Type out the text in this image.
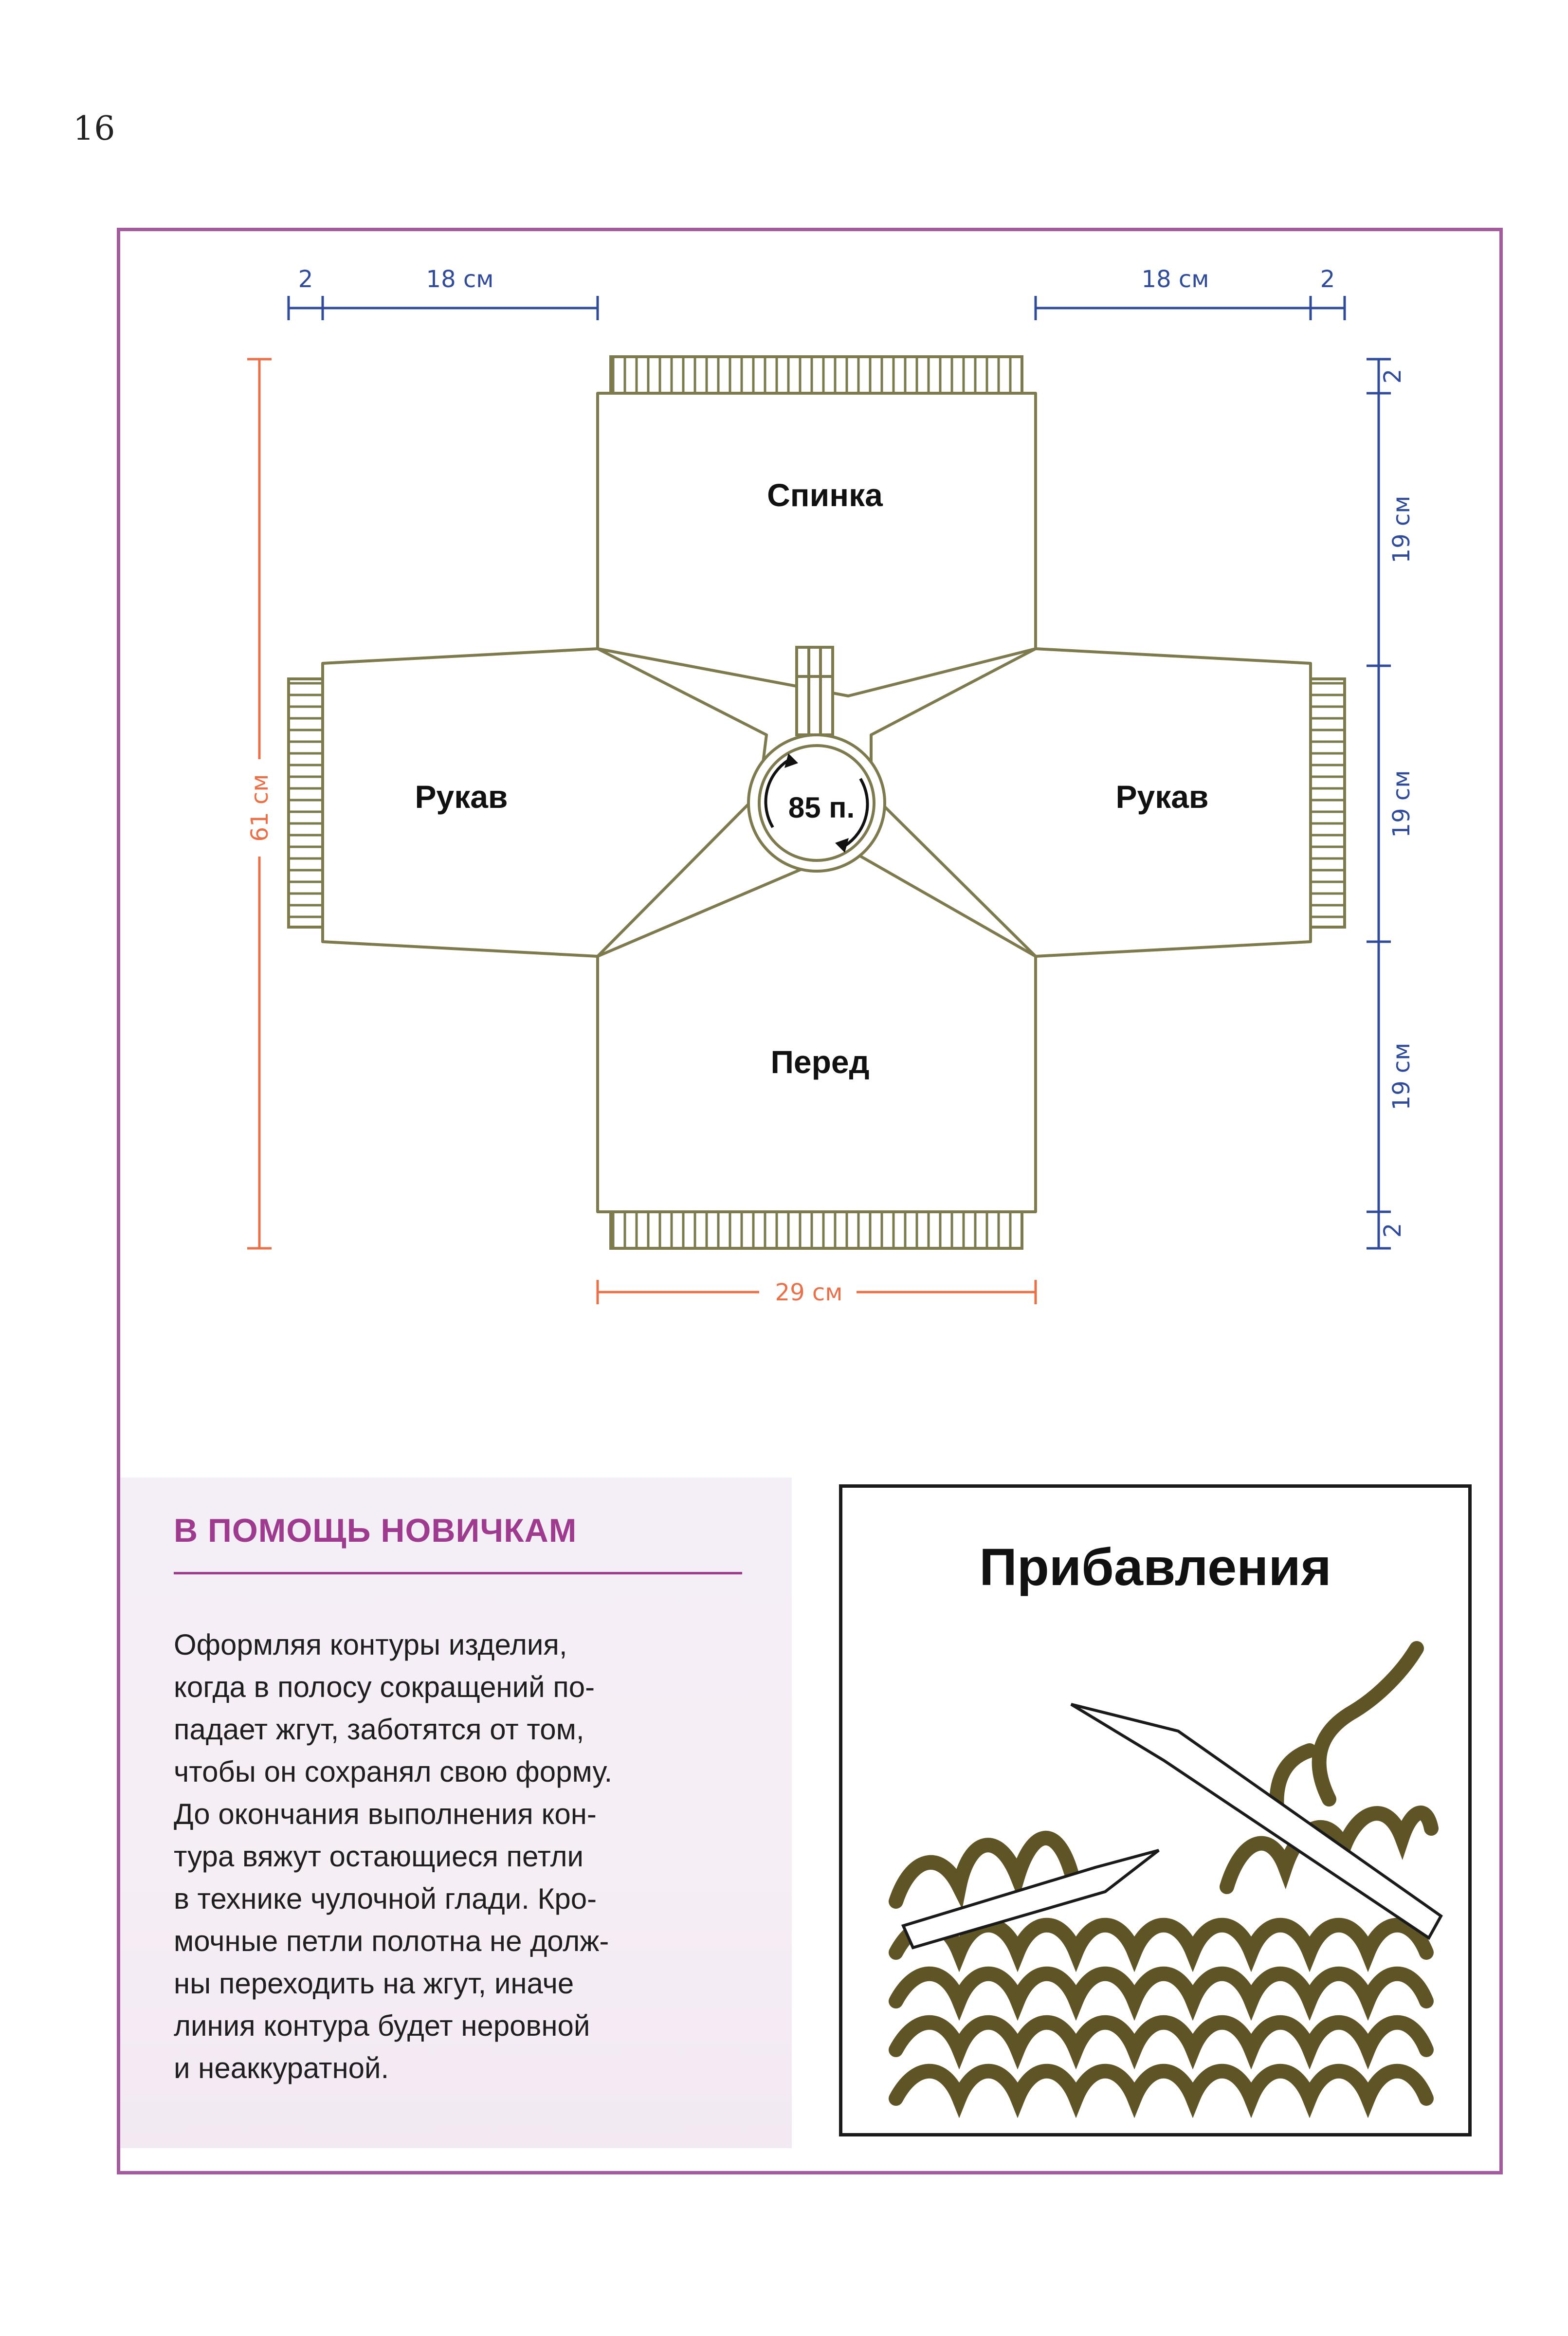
16
85 п.
Спинка
Перед
Рукав	Рукав
2	18 см	18 см	2
61 см
29 см
2
19 см
19 см
19 см
2
В ПОМОЩЬ НОВИЧКАМ
Оформляя контуры изделия,
когда в полосу сокращений по-
падает жгут, заботятся от том,
чтобы он сохранял свою форму.
До окончания выполнения кон-
тура вяжут остающиеся петли
в технике чулочной глади. Кро-
мочные петли полотна не долж-
ны переходить на жгут, иначе
линия контура будет неровной
и неаккуратной.
Прибавления
